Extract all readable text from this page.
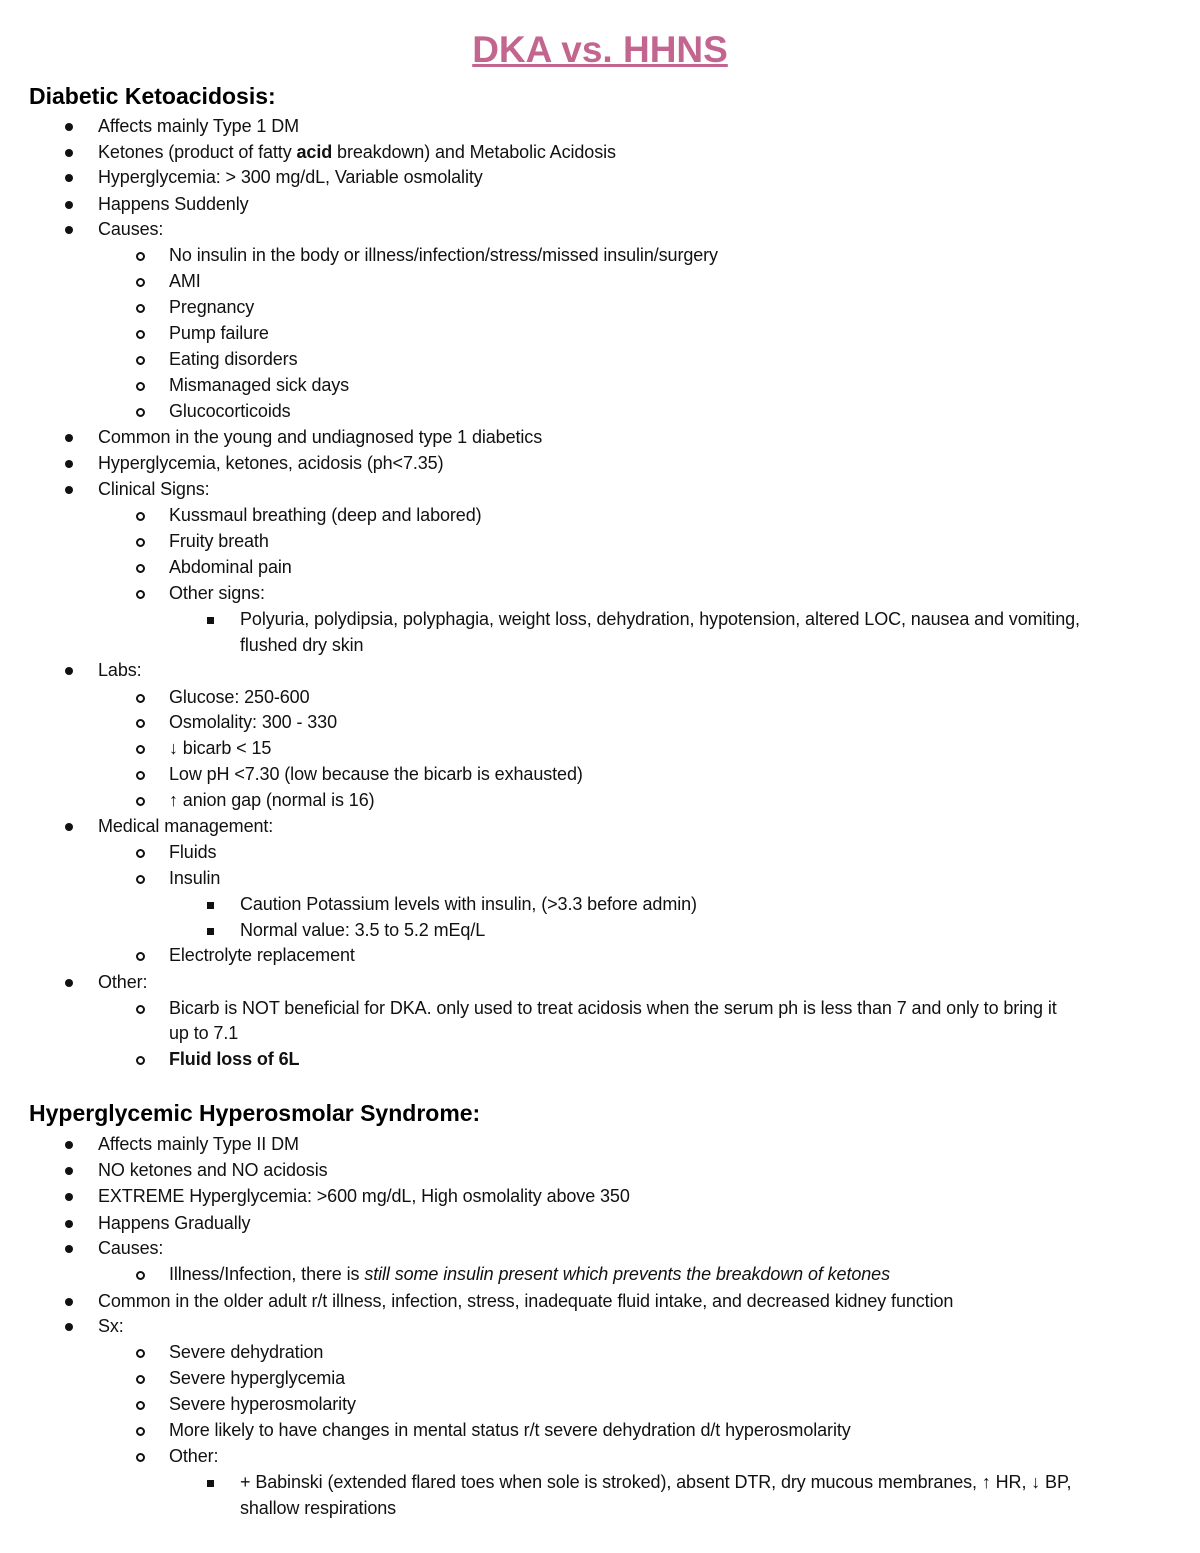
DKA vs. HHNS
Diabetic Ketoacidosis:
Affects mainly Type 1 DM
Ketones (product of fatty acid breakdown) and Metabolic Acidosis
Hyperglycemia: > 300 mg/dL, Variable osmolality
Happens Suddenly
Causes:
No insulin in the body or illness/infection/stress/missed insulin/surgery
AMI
Pregnancy
Pump failure
Eating disorders
Mismanaged sick days
Glucocorticoids
Common in the young and undiagnosed type 1 diabetics
Hyperglycemia, ketones, acidosis (ph<7.35)
Clinical Signs:
Kussmaul breathing (deep and labored)
Fruity breath
Abdominal pain
Other signs:
Polyuria, polydipsia, polyphagia, weight loss, dehydration, hypotension, altered LOC, nausea and vomiting,
flushed dry skin
Labs:
Glucose: 250-600
Osmolality: 300 - 330
↓ bicarb < 15
Low pH <7.30 (low because the bicarb is exhausted)
↑ anion gap (normal is 16)
Medical management:
Fluids
Insulin
Caution Potassium levels with insulin, (>3.3 before admin)
Normal value: 3.5 to 5.2 mEq/L
Electrolyte replacement
Other:
Bicarb is NOT beneficial for DKA. only used to treat acidosis when the serum ph is less than 7 and only to bring it
up to 7.1
Fluid loss of 6L
Hyperglycemic Hyperosmolar Syndrome:
Affects mainly Type II DM
NO ketones and NO acidosis
EXTREME Hyperglycemia: >600 mg/dL, High osmolality above 350
Happens Gradually
Causes:
Illness/Infection, there is still some insulin present which prevents the breakdown of ketones
Common in the older adult r/t illness, infection, stress, inadequate fluid intake, and decreased kidney function
Sx:
Severe dehydration
Severe hyperglycemia
Severe hyperosmolarity
More likely to have changes in mental status r/t severe dehydration d/t hyperosmolarity
Other:
+ Babinski (extended flared toes when sole is stroked), absent DTR, dry mucous membranes, ↑ HR, ↓ BP,
shallow respirations
